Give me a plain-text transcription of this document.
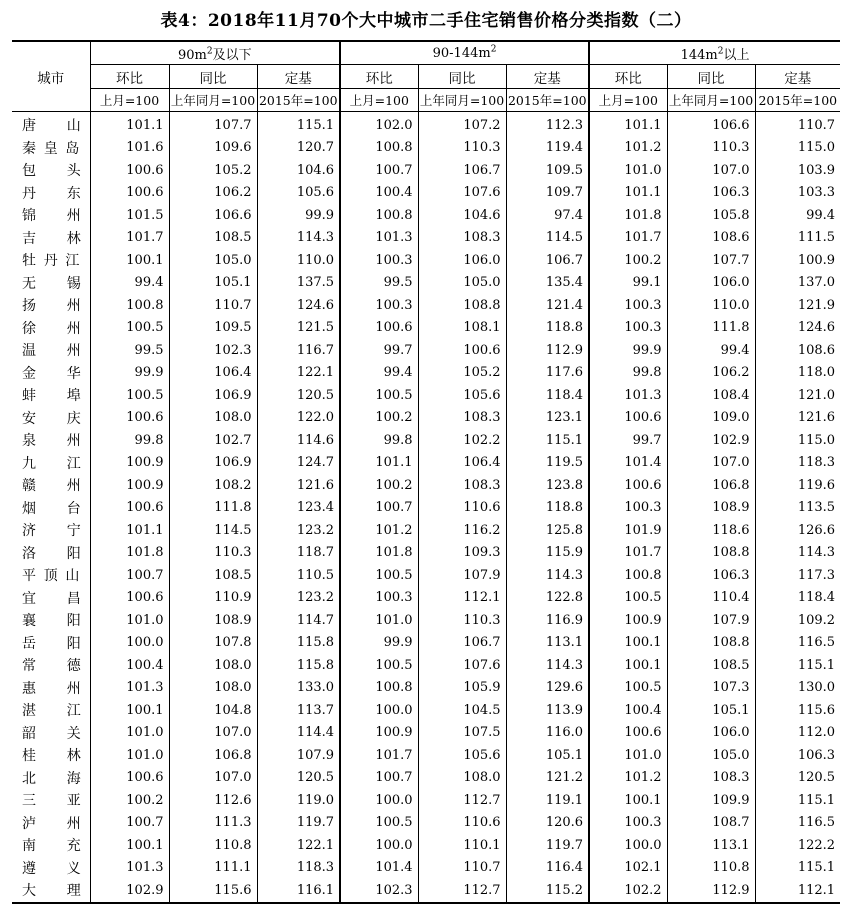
表4：2018年11月70个大中城市二手住宅销售价格分类指数（二）
城市	$90m^2$及以下			$90-144m^2$			$144m^2$以上		
	环比	同比	定基	环比	同比	定基	环比	同比	定基
	上月=100	上年同月=100	2015年=100	上月=100	上年同月=100	2015年=100	上月=100	上年同月=100	2015年=100

唐山	101.1	107.7	115.1	102.0	107.2	112.3	101.1	106.6	110.7

秦皇岛	101.6	109.6	120.7	100.8	110.3	119.4	101.2	110.3	115.0

包头	100.6	105.2	104.6	100.7	106.7	109.5	101.0	107.0	103.9

丹东	100.6	106.2	105.6	100.4	107.6	109.7	101.1	106.3	103.3

锦州	101.5	106.6	99.9	100.8	104.6	97.4	101.8	105.8	99.4

吉林	101.7	108.5	114.3	101.3	108.3	114.5	101.7	108.6	111.5

牡丹江	100.1	105.0	110.0	100.3	106.0	106.7	100.2	107.7	100.9

无锡	99.4	105.1	137.5	99.5	105.0	135.4	99.1	106.0	137.0

扬州	100.8	110.7	124.6	100.3	108.8	121.4	100.3	110.0	121.9

徐州	100.5	109.5	121.5	100.6	108.1	118.8	100.3	111.8	124.6

温州	99.5	102.3	116.7	99.7	100.6	112.9	99.9	99.4	108.6

金华	99.9	106.4	122.1	99.4	105.2	117.6	99.8	106.2	118.0

蚌埠	100.5	106.9	120.5	100.5	105.6	118.4	101.3	108.4	121.0

安庆	100.6	108.0	122.0	100.2	108.3	123.1	100.6	109.0	121.6

泉州	99.8	102.7	114.6	99.8	102.2	115.1	99.7	102.9	115.0

九江	100.9	106.9	124.7	101.1	106.4	119.5	101.4	107.0	118.3

赣州	100.9	108.2	121.6	100.2	108.3	123.8	100.6	106.8	119.6

烟台	100.6	111.8	123.4	100.7	110.6	118.8	100.3	108.9	113.5

济宁	101.1	114.5	123.2	101.2	116.2	125.8	101.9	118.6	126.6

洛阳	101.8	110.3	118.7	101.8	109.3	115.9	101.7	108.8	114.3

平顶山	100.7	108.5	110.5	100.5	107.9	114.3	100.8	106.3	117.3

宜昌	100.6	110.9	123.2	100.3	112.1	122.8	100.5	110.4	118.4

襄阳	101.0	108.9	114.7	101.0	110.3	116.9	100.9	107.9	109.2

岳阳	100.0	107.8	115.8	99.9	106.7	113.1	100.1	108.8	116.5

常德	100.4	108.0	115.8	100.5	107.6	114.3	100.1	108.5	115.1

惠州	101.3	108.0	133.0	100.8	105.9	129.6	100.5	107.3	130.0

湛江	100.1	104.8	113.7	100.0	104.5	113.9	100.4	105.1	115.6

韶关	101.0	107.0	114.4	100.9	107.5	116.0	100.6	106.0	112.0

桂林	101.0	106.8	107.9	101.7	105.6	105.1	101.0	105.0	106.3

北海	100.6	107.0	120.5	100.7	108.0	121.2	101.2	108.3	120.5

三亚	100.2	112.6	119.0	100.0	112.7	119.1	100.1	109.9	115.1

泸州	100.7	111.3	119.7	100.5	110.6	120.6	100.3	108.7	116.5

南充	100.1	110.8	122.1	100.0	110.1	119.7	100.0	113.1	122.2

遵义	101.3	111.1	118.3	101.4	110.7	116.4	102.1	110.8	115.1

大理	102.9	115.6	116.1	102.3	112.7	115.2	102.2	112.9	112.1
